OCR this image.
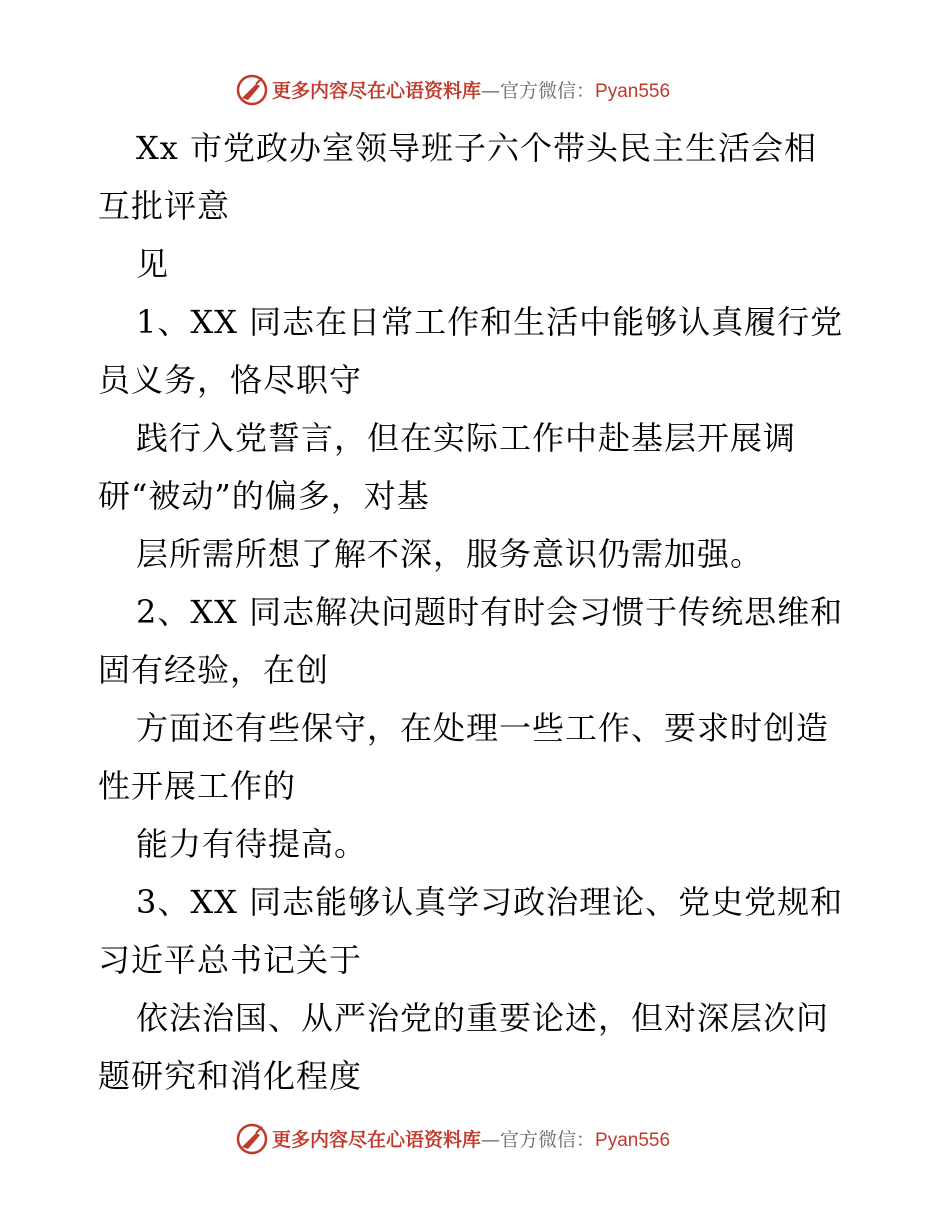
更多内容尽在心语资料库—官方微信：Pyan556
Xx 市党政办室领导班子六个带头民主生活会相
互批评意
见
1、XX 同志在日常工作和生活中能够认真履行党
员义务，恪尽职守
践行入党誓言，但在实际工作中赴基层开展调
研“被动”的偏多，对基
层所需所想了解不深，服务意识仍需加强。
2、XX 同志解决问题时有时会习惯于传统思维和
固有经验，在创
方面还有些保守，在处理一些工作、要求时创造
性开展工作的
能力有待提高。
3、XX 同志能够认真学习政治理论、党史党规和
习近平总书记关于
依法治国、从严治党的重要论述，但对深层次问
题研究和消化程度
更多内容尽在心语资料库—官方微信：Pyan556
